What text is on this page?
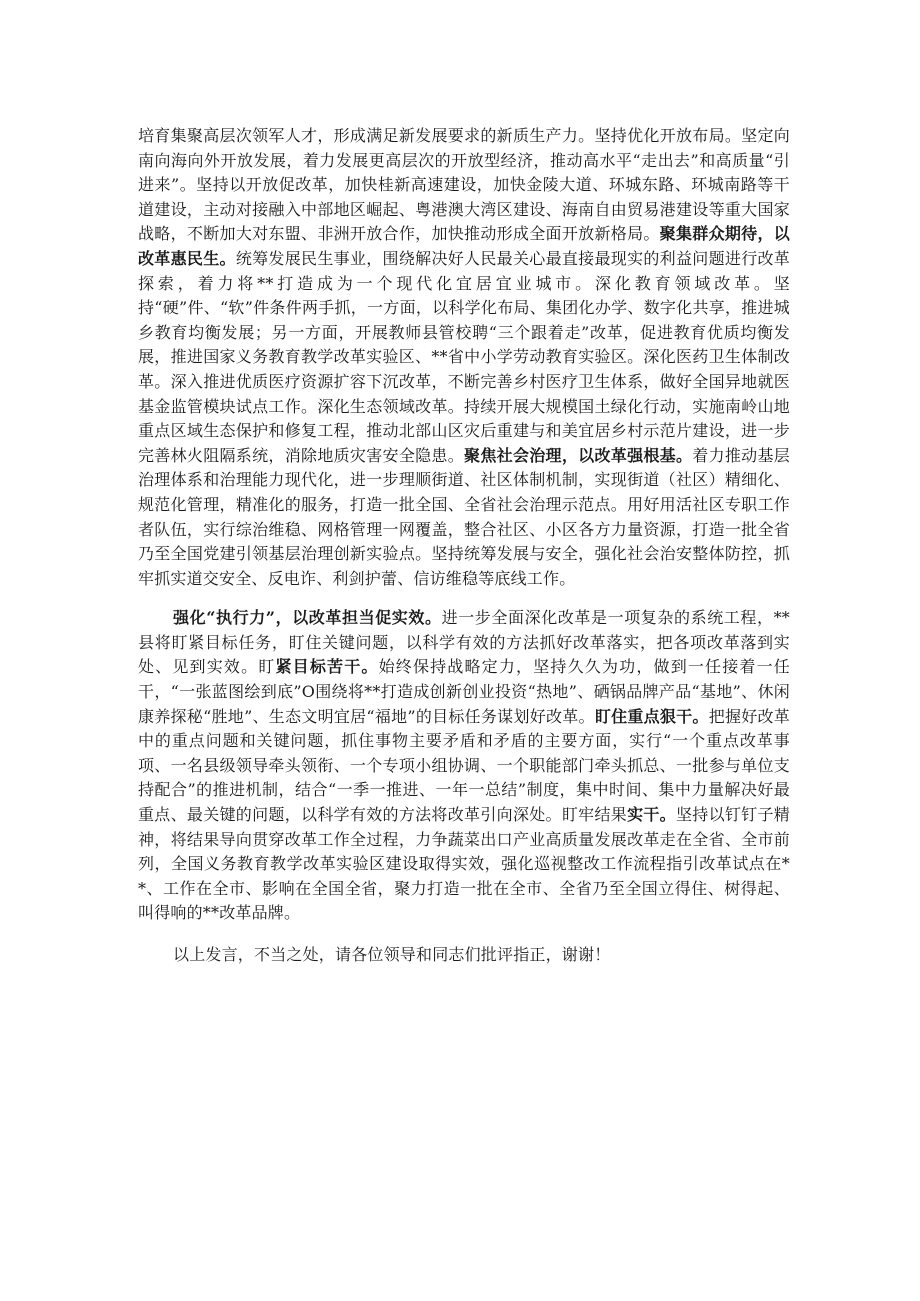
培育集聚高层次领军人才，形成满足新发展要求的新质生产力。坚持优化开放布局。坚定向南向海向外开放发展，着力发展更高层次的开放型经济，推动高水平“走出去”和高质量“引进来”。坚持以开放促改革，加快桂新高速建设，加快金陵大道、环城东路、环城南路等干道建设，主动对接融入中部地区崛起、粤港澳大湾区建设、海南自由贸易港建设等重大国家战略，不断加大对东盟、非洲开放合作，加快推动形成全面开放新格局。聚集群众期待，以改革惠民生。统筹发展民生事业，围绕解决好人民最关心最直接最现实的利益问题进行改革探索，着力将**打造成为一个现代化宜居宜业城市。深化教育领域改革。坚持“硬”件、“软”件条件两手抓，一方面，以科学化布局、集团化办学、数字化共享，推进城乡教育均衡发展；另一方面，开展教师县管校聘“三个跟着走”改革，促进教育优质均衡发展，推进国家义务教育教学改革实验区、**省中小学劳动教育实验区。深化医药卫生体制改革。深入推进优质医疗资源扩容下沉改革，不断完善乡村医疗卫生体系，做好全国异地就医基金监管模块试点工作。深化生态领域改革。持续开展大规模国土绿化行动，实施南岭山地重点区域生态保护和修复工程，推动北部山区灾后重建与和美宜居乡村示范片建设，进一步完善林火阻隔系统，消除地质灾害安全隐患。聚焦社会治理，以改革强根基。着力推动基层治理体系和治理能力现代化，进一步理顺街道、社区体制机制，实现街道（社区）精细化、规范化管理，精准化的服务，打造一批全国、全省社会治理示范点。用好用活社区专职工作者队伍，实行综治维稳、网格管理一网覆盖，整合社区、小区各方力量资源，打造一批全省乃至全国党建引领基层治理创新实验点。坚持统筹发展与安全，强化社会治安整体防控，抓牢抓实道交安全、反电诈、利剑护蕾、信访维稳等底线工作。

强化“执行力”，以改革担当促实效。进一步全面深化改革是一项复杂的系统工程，**县将盯紧目标任务，盯住关键问题，以科学有效的方法抓好改革落实，把各项改革落到实处、见到实效。盯紧目标苦干。始终保持战略定力，坚持久久为功，做到一任接着一任干，“一张蓝图绘到底”O围绕将**打造成创新创业投资“热地”、硒锅品牌产品“基地”、休闲康养探秘“胜地”、生态文明宜居“福地”的目标任务谋划好改革。盯住重点狠干。把握好改革中的重点问题和关键问题，抓住事物主要矛盾和矛盾的主要方面，实行“一个重点改革事项、一名县级领导牵头领衔、一个专项小组协调、一个职能部门牵头抓总、一批参与单位支持配合”的推进机制，结合“一季一推进、一年一总结”制度，集中时间、集中力量解决好最重点、最关键的问题，以科学有效的方法将改革引向深处。盯牢结果实干。坚持以钉钉子精神，将结果导向贯穿改革工作全过程，力争蔬菜出口产业高质量发展改革走在全省、全市前列，全国义务教育教学改革实验区建设取得实效，强化巡视整改工作流程指引改革试点在**、工作在全市、影响在全国全省，聚力打造一批在全市、全省乃至全国立得住、树得起、叫得响的**改革品牌。

以上发言，不当之处，请各位领导和同志们批评指正，谢谢！
